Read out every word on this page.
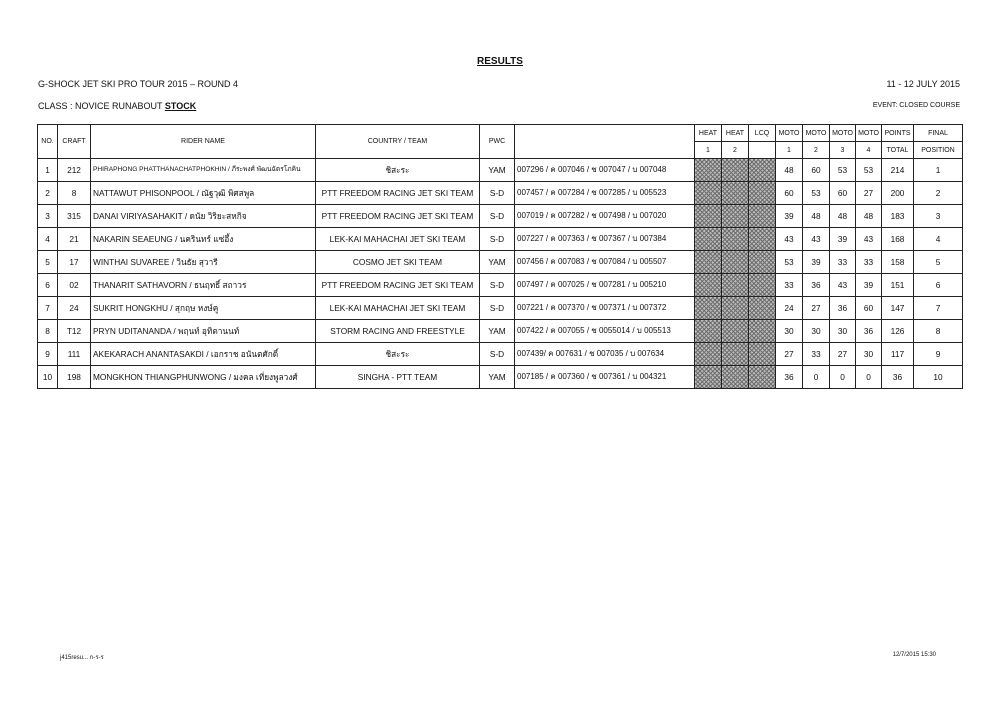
RESULTS
G-SHOCK JET SKI PRO TOUR 2015 – ROUND 4	11 - 12 JULY 2015
CLASS : NOVICE RUNABOUT STOCK	EVENT: CLOSED COURSE
NO.	CRAFT	RIDER NAME	COUNTRY / TEAM	PWC		HEAT	HEAT	LCQ	MOTO	MOTO	MOTO	MOTO	POINTS	FINAL
						1	2		1	2	3	4	TOTAL	POSITION
1	212	PHIRAPHONG PHATTHANACHATPHOKHIN / ภีระพงศ์ พัฒนฉัตรโภคิน	ชิสะระ	YAM	007296 / ค 007046 / ช 007047 / บ 007048				48	60	53	53	214	1
2	8	NATTAWUT PHISONPOOL / ณัฐวุฒิ พิศสพูล	PTT FREEDOM RACING JET SKI TEAM	S-D	007457 / ค 007284 / ช 007285 / บ 005523				60	53	60	27	200	2
3	315	DANAI VIRIYASAHAKIT / ดนัย วิริยะสหกิจ	PTT FREEDOM RACING JET SKI TEAM	S-D	007019 / ค 007282 / ช 007498 / บ 007020				39	48	48	48	183	3
4	21	NAKARIN SEAEUNG / นครินทร์ แซ่อึ้ง	LEK-KAI MAHACHAI JET SKI TEAM	S-D	007227 / ค 007363 / ช 007367 / บ 007384				43	43	39	43	168	4
5	17	WINTHAI SUVAREE / วินธัย สุวารี	COSMO JET SKI TEAM	YAM	007456 / ค 007083 / ช 007084 / บ 005507				53	39	33	33	158	5
6	02	THANARIT SATHAVORN / ธนฤทธิ์ สถาวร	PTT FREEDOM RACING JET SKI TEAM	S-D	007497 / ค 007025 / ช 007281 / บ 005210				33	36	43	39	151	6
7	24	SUKRIT HONGKHU / สุกฤษ หงษ์คู	LEK-KAI MAHACHAI JET SKI TEAM	S-D	007221 / ค 007370 / ช 007371 / บ 007372				24	27	36	60	147	7
8	T12	PRYN UDITANANDA / พฤนท์ อุทิตานนท์	STORM RACING AND FREESTYLE	YAM	007422 / ค 007055 / ช 0055014 / บ 005513				30	30	30	36	126	8
9	111	AKEKARACH ANANTASAKDI / เอกราช อนันตศักดิ์	ชิสะระ	S-D	007439/ ค 007631 / ช 007035 / บ 007634				27	33	27	30	117	9
10	198	MONGKHON THIANGPHUNWONG / มงคล เที่ยงพูลวงศ์	SINGHA - PTT TEAM	YAM	007185 / ค 007360 / ช 007361 / บ 004321				36	0	0	0	36	10
j415resu... ก-ร-ร	12/7/2015 15:30
